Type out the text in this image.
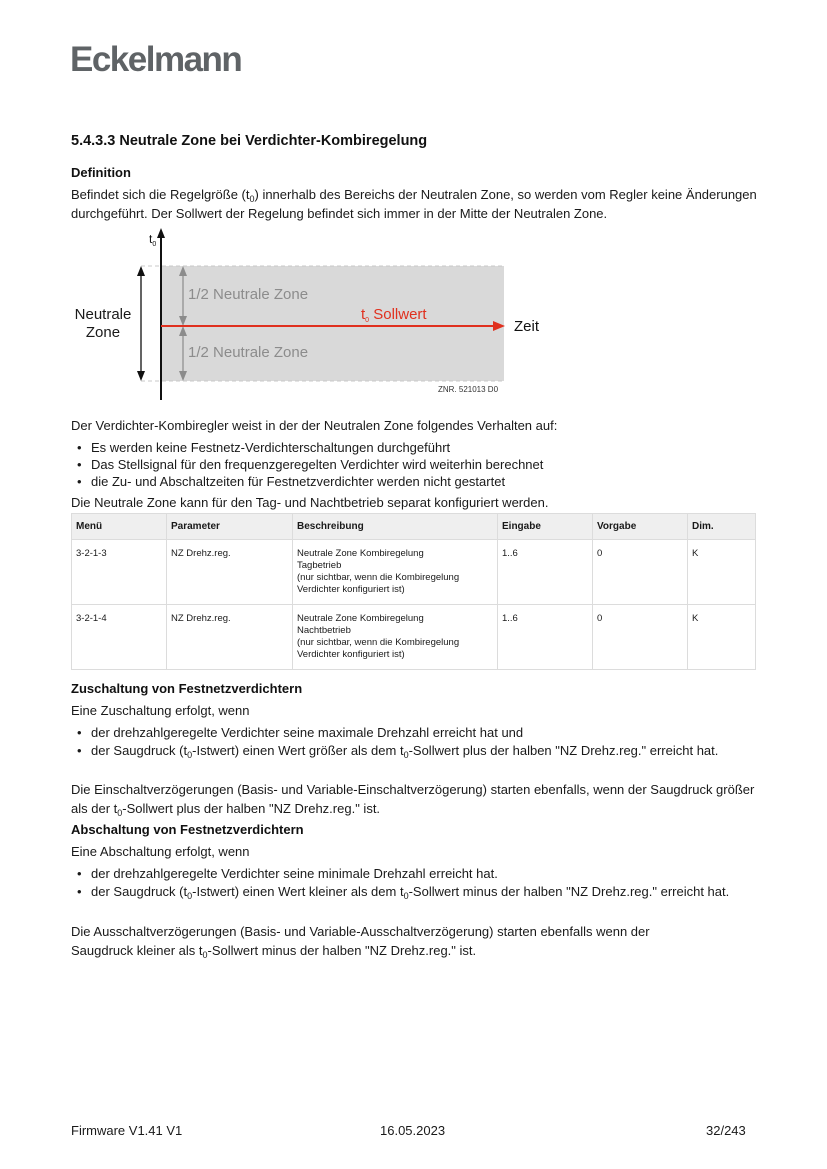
Eckelmann
5.4.3.3 Neutrale Zone bei Verdichter-Kombiregelung
Definition
Befindet sich die Regelgröße $(t_0)$ innerhalb des Bereichs der Neutralen Zone, so werden vom Regler keine Änderungen durchgeführt. Der Sollwert der Regelung befindet sich immer in der Mitte der Neutralen Zone.
$t_0$
Neutrale
Zone
1/2 Neutrale Zone
1/2 Neutrale Zone
$t_0$ Sollwert
Zeit
ZNR. 521013 D0
Der Verdichter-Kombiregler weist in der der Neutralen Zone folgendes Verhalten auf:
• Es werden keine Festnetz-Verdichterschaltungen durchgeführt
• Das Stellsignal für den frequenzgeregelten Verdichter wird weiterhin berechnet
• die Zu- und Abschaltzeiten für Festnetzverdichter werden nicht gestartet
Die Neutrale Zone kann für den Tag- und Nachtbetrieb separat konfiguriert werden.
Menü	Parameter	Beschreibung	Eingabe	Vorgabe	Dim.
3-2-1-3	NZ Drehz.reg.	Neutrale Zone Kombiregelung
Tagbetrieb
(nur sichtbar, wenn die Kombiregelung Verdichter konfiguriert ist)	1..6	0	K
3-2-1-4	NZ Drehz.reg.	Neutrale Zone Kombiregelung
Nachtbetrieb
(nur sichtbar, wenn die Kombiregelung Verdichter konfiguriert ist)	1..6	0	K
Zuschaltung von Festnetzverdichtern
Eine Zuschaltung erfolgt, wenn
• der drehzahlgeregelte Verdichter seine maximale Drehzahl erreicht hat und
• der Saugdruck $(t_0-Istwert)$ einen Wert größer als dem $t_0$-Sollwert plus der halben "NZ Drehz.reg." erreicht hat.
Die Einschaltverzögerungen (Basis- und Variable-Einschaltverzögerung) starten ebenfalls, wenn der Saugdruck größer als der $t_0$-Sollwert plus der halben "NZ Drehz.reg." ist.
Abschaltung von Festnetzverdichtern
Eine Abschaltung erfolgt, wenn
• der drehzahlgeregelte Verdichter seine minimale Drehzahl erreicht hat.
• der Saugdruck $(t_0-Istwert)$ einen Wert kleiner als dem $t_0$-Sollwert minus der halben "NZ Drehz.reg." erreicht hat.
Die Ausschaltverzögerungen (Basis- und Variable-Ausschaltverzögerung) starten ebenfalls wenn der Saugdruck kleiner als $t_0$-Sollwert minus der halben "NZ Drehz.reg." ist.
Firmware V1.41 V1	16.05.2023	32/243
